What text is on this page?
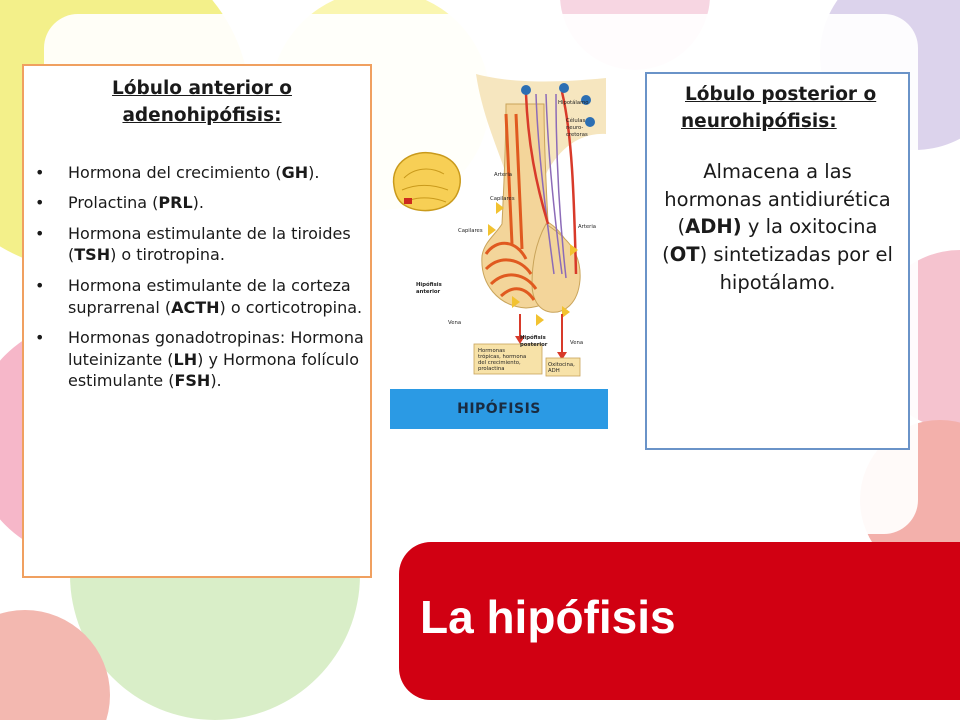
Lóbulo anterior o
adenohipófisis:
• Hormona del crecimiento (GH).
• Prolactina (PRL).
• Hormona estimulante de la tiroides (TSH) o tirotropina.
• Hormona estimulante de la corteza suprarrenal (ACTH) o corticotropina.
• Hormonas gonadotropinas: Hormona luteinizante (LH) y Hormona folículo estimulante (FSH).
Hipotálamo
Células
neuro-
cretoras
Arteria
Capilares
Capilares
Arteria
Hipófisis
anterior
Vena
Hipófisis
posterior	Vena
Hormonas
trópicas, hormona
del crecimiento,
prolactina
Oxitocina,
ADH
HIPÓFISIS
Lóbulo posterior o

neurohipófisis:
Almacena a las hormonas antidiurética (ADH) y la oxitocina (OT) sintetizadas por el hipotálamo.
La hipófisis
